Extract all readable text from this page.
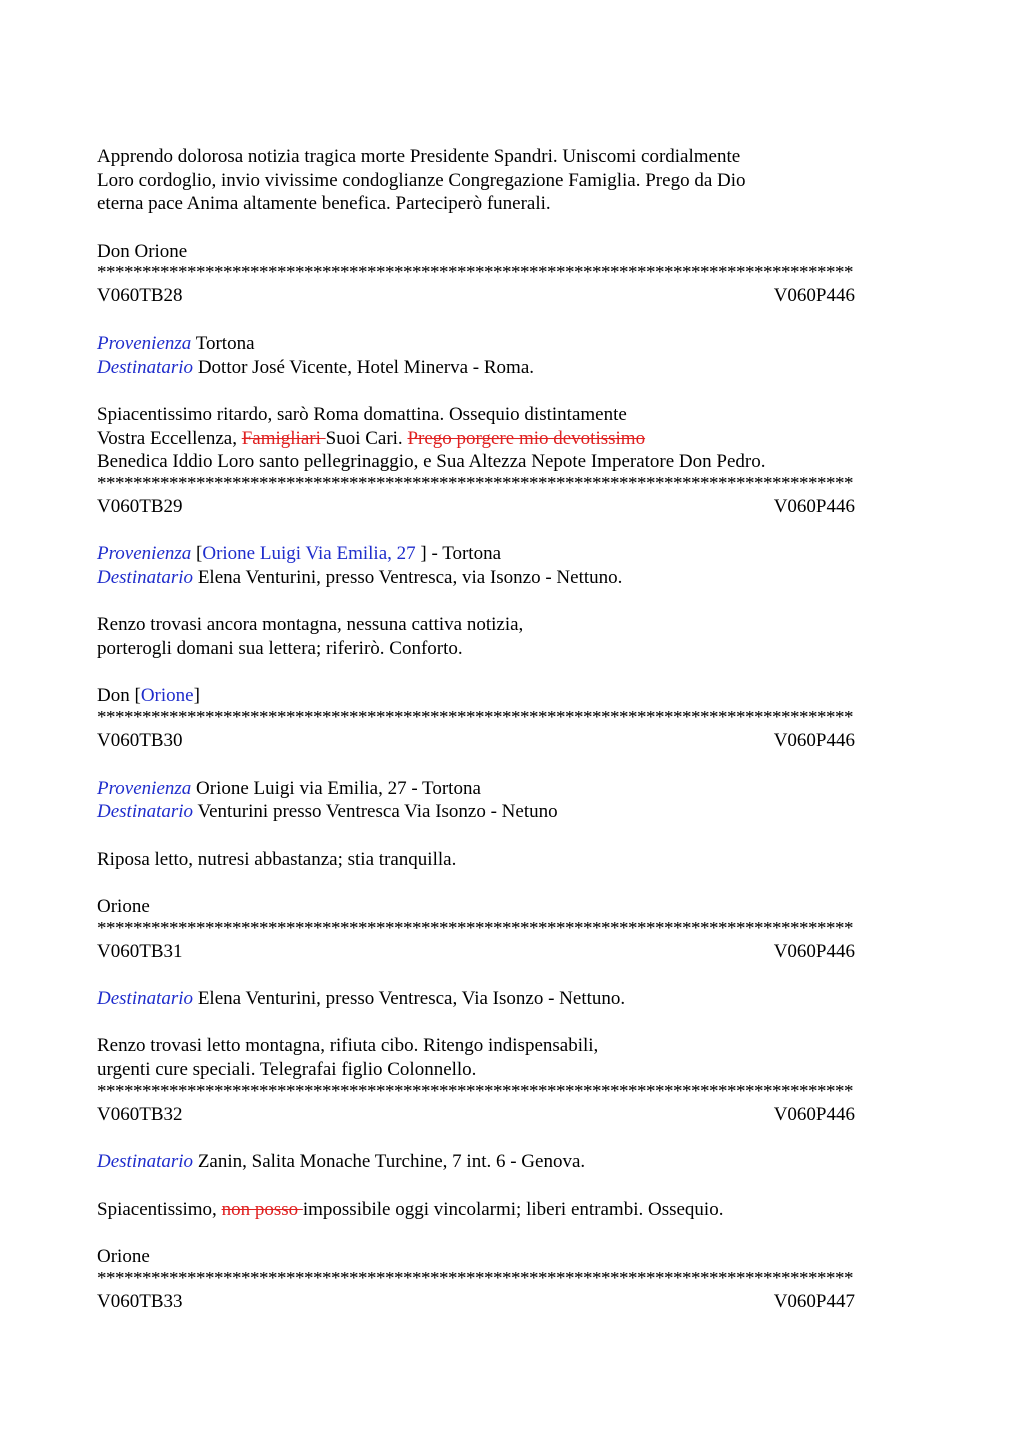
Apprendo dolorosa notizia tragica morte Presidente Spandri. Uniscomi cordialmente
Loro cordoglio, invio vivissime condoglianze Congregazione Famiglia. Prego da Dio
eterna pace Anima altamente benefica. Parteciperò funerali.
Don Orione
************************************************************************************
V060TB28	V060P446
Provenienza Tortona
Destinatario Dottor José Vicente, Hotel Minerva - Roma.
Spiacentissimo ritardo, sarò Roma domattina. Ossequio distintamente
Vostra Eccellenza, Famigliari Suoi Cari. Prego porgere mio devotissimo
Benedica Iddio Loro santo pellegrinaggio, e Sua Altezza Nepote Imperatore Don Pedro.
************************************************************************************
V060TB29	V060P446
Provenienza [Orione Luigi Via Emilia, 27 ] - Tortona
Destinatario Elena Venturini, presso Ventresca, via Isonzo - Nettuno.
Renzo trovasi ancora montagna, nessuna cattiva notizia,
porterogli domani sua lettera; riferirò. Conforto.
Don [Orione]
************************************************************************************
V060TB30	V060P446
Provenienza Orione Luigi via Emilia, 27 - Tortona
Destinatario Venturini presso Ventresca Via Isonzo - Netuno
Riposa letto, nutresi abbastanza; stia tranquilla.
Orione
************************************************************************************
V060TB31	V060P446
Destinatario Elena Venturini, presso Ventresca, Via Isonzo - Nettuno.
Renzo trovasi letto montagna, rifiuta cibo. Ritengo indispensabili,
urgenti cure speciali. Telegrafai figlio Colonnello.
************************************************************************************
V060TB32	V060P446
Destinatario Zanin, Salita Monache Turchine, 7 int. 6 - Genova.
Spiacentissimo, non posso impossibile oggi vincolarmi; liberi entrambi. Ossequio.
Orione
************************************************************************************
V060TB33	V060P447
